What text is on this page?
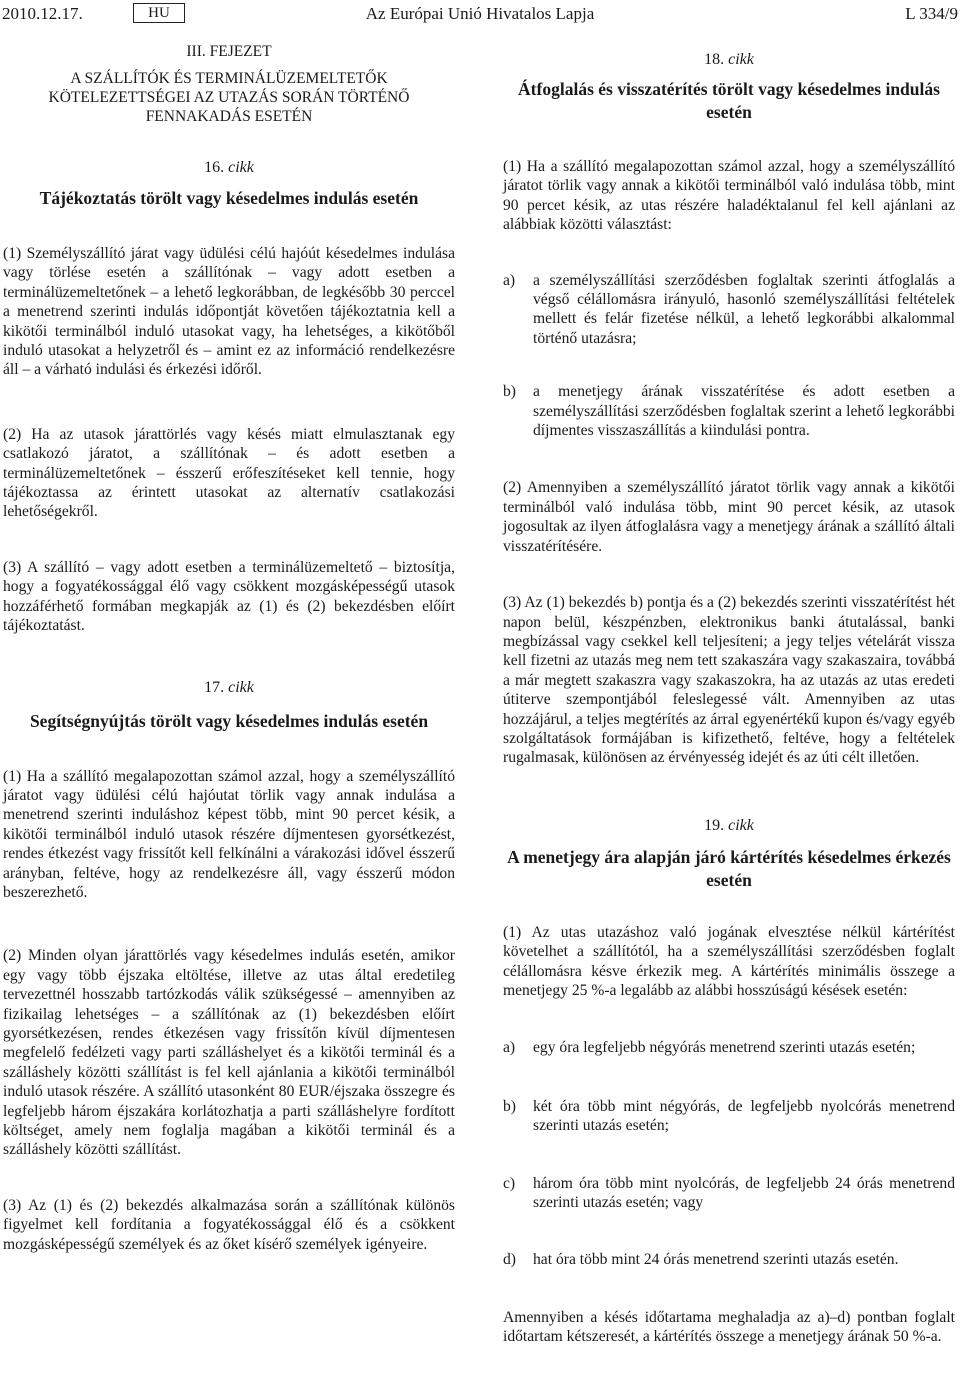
2010.12.17.	HU	Az Európai Unió Hivatalos Lapja	L 334/9
III. FEJEZET
A SZÁLLÍTÓK ÉS TERMINÁLÜZEMELTETŐK
KÖTELEZETTSÉGEI AZ UTAZÁS SORÁN TÖRTÉNŐ
FENNAKADÁS ESETÉN
16. cikk
Tájékoztatás törölt vagy késedelmes indulás esetén

(1) Személyszállító járat vagy üdülési célú hajóút késedelmes indulása vagy törlése esetén a szállítónak – vagy adott esetben a terminálüzemeltetőnek – a lehető legkorábban, de legkésőbb 30 perccel a menetrend szerinti indulás időpontját követően tájékoztatnia kell a kikötői terminálból induló utasokat vagy, ha lehetséges, a kikötőből induló utasokat a helyzetről és – amint ez az információ rendelkezésre áll – a várható indulási és érkezési időről.

(2) Ha az utasok járattörlés vagy késés miatt elmulasztanak egy csatlakozó járatot, a szállítónak – és adott esetben a terminálüzemeltetőnek – ésszerű erőfeszítéseket kell tennie, hogy tájékoztassa az érintett utasokat az alternatív csatlakozási lehetőségekről.

(3) A szállító – vagy adott esetben a terminálüzemeltető – biztosítja, hogy a fogyatékossággal élő vagy csökkent mozgásképességű utasok hozzáférhető formában megkapják az (1) és (2) bekezdésben előírt tájékoztatást.

17. cikk
Segítségnyújtás törölt vagy késedelmes indulás esetén

(1) Ha a szállító megalapozottan számol azzal, hogy a személyszállító járatot vagy üdülési célú hajóutat törlik vagy annak indulása a menetrend szerinti induláshoz képest több, mint 90 percet késik, a kikötői terminálból induló utasok részére díjmentesen gyorsétkezést, rendes étkezést vagy frissítőt kell felkínálni a várakozási idővel ésszerű arányban, feltéve, hogy az rendelkezésre áll, vagy ésszerű módon beszerezhető.

(2) Minden olyan járattörlés vagy késedelmes indulás esetén, amikor egy vagy több éjszaka eltöltése, illetve az utas által eredetileg tervezettnél hosszabb tartózkodás válik szükségessé – amennyiben az fizikailag lehetséges – a szállítónak az (1) bekezdésben előírt gyorsétkezésen, rendes étkezésen vagy frissítőn kívül díjmentesen megfelelő fedélzeti vagy parti szálláshelyet és a kikötői terminál és a szálláshely közötti szállítást is fel kell ajánlania a kikötői terminálból induló utasok részére. A szállító utasonként 80 EUR/éjszaka összegre és legfeljebb három éjszakára korlátozhatja a parti szálláshelyre fordított költséget, amely nem foglalja magában a kikötői terminál és a szálláshely közötti szállítást.

(3) Az (1) és (2) bekezdés alkalmazása során a szállítónak különös figyelmet kell fordítania a fogyatékossággal élő és a csökkent mozgásképességű személyek és az őket kísérő személyek igényeire.

18. cikk
Átfoglalás és visszatérítés törölt vagy késedelmes indulás esetén

(1) Ha a szállító megalapozottan számol azzal, hogy a személyszállító járatot törlik vagy annak a kikötői terminálból való indulása több, mint 90 percet késik, az utas részére haladéktalanul fel kell ajánlani az alábbiak közötti választást:

a) a személyszállítási szerződésben foglaltak szerinti átfoglalás a végső célállomásra irányuló, hasonló személyszállítási feltételek mellett és felár fizetése nélkül, a lehető legkorábbi alkalommal történő utazásra;
b) a menetjegy árának visszatérítése és adott esetben a személyszállítási szerződésben foglaltak szerint a lehető legkorábbi díjmentes visszaszállítás a kiindulási pontra.

(2) Amennyiben a személyszállító járatot törlik vagy annak a kikötői terminálból való indulása több, mint 90 percet késik, az utasok jogosultak az ilyen átfoglalásra vagy a menetjegy árának a szállító általi visszatérítésére.

(3) Az (1) bekezdés b) pontja és a (2) bekezdés szerinti visszatérítést hét napon belül, készpénzben, elektronikus banki átutalással, banki megbízással vagy csekkel kell teljesíteni; a jegy teljes vételárát vissza kell fizetni az utazás meg nem tett szakaszára vagy szakaszaira, továbbá a már megtett szakaszra vagy szakaszokra, ha az utazás az utas eredeti útiterve szempontjából feleslegessé vált. Amennyiben az utas hozzájárul, a teljes megtérítés az árral egyenértékű kupon és/vagy egyéb szolgáltatások formájában is kifizethető, feltéve, hogy a feltételek rugalmasak, különösen az érvényesség idejét és az úti célt illetően.

19. cikk
A menetjegy ára alapján járó kártérítés késedelmes érkezés esetén

(1) Az utas utazáshoz való jogának elvesztése nélkül kártérítést követelhet a szállítótól, ha a személyszállítási szerződésben foglalt célállomásra késve érkezik meg. A kártérítés minimális összege a menetjegy 25 %-a legalább az alábbi hosszúságú késések esetén:

a) egy óra legfeljebb négyórás menetrend szerinti utazás esetén;
b) két óra több mint négyórás, de legfeljebb nyolcórás menetrend szerinti utazás esetén;
c) három óra több mint nyolcórás, de legfeljebb 24 órás menetrend szerinti utazás esetén; vagy
d) hat óra több mint 24 órás menetrend szerinti utazás esetén.

Amennyiben a késés időtartama meghaladja az a)–d) pontban foglalt időtartam kétszeresét, a kártérítés összege a menetjegy árának 50 %-a.
